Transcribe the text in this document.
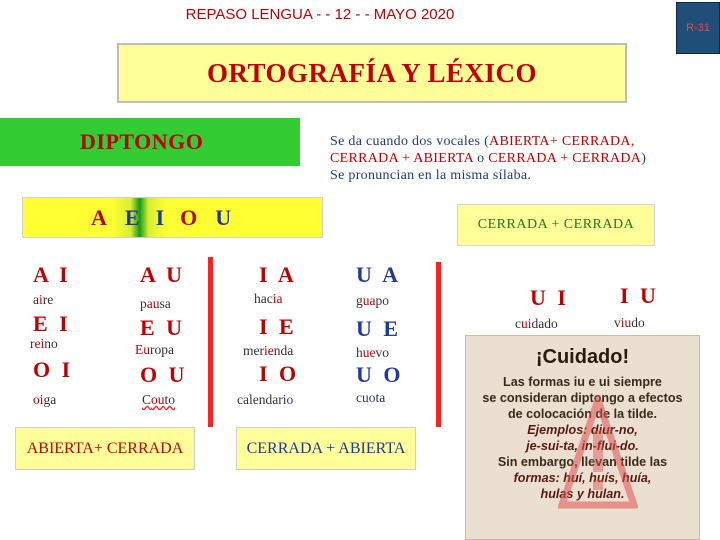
REPASO LENGUA - - 12 - - MAYO 2020
R-31
ORTOGRAFÍA Y LÉXICO
DIPTONGO	Se da cuando dos vocales (ABIERTA+ CERRADA,
CERRADA + ABIERTA o CERRADA + CERRADA)
Se pronuncian en la misma sílaba.
A E I O U	CERRADA + CERRADA
A I
aire
A U
pausa
E I
reino
E U
Europa
O I
oiga
O U
Couto
ABIERTA+ CERRADA
I A
hacia
U A
guapo
I E
merienda
U E
huevo
I O
calendario
U O
cuota
CERRADA + ABIERTA
U I
cuidado
I U
viudo
¡Cuidado!
Las formas iu e ui siempre
se consideran diptongo a efectos
de colocación de la tilde.
Ejemplos: diur-no,
je-sui-ta, in-flui-do.
Sin embargo, llevan tilde las
formas: huí, huís, huía,
hulas y hulan.
